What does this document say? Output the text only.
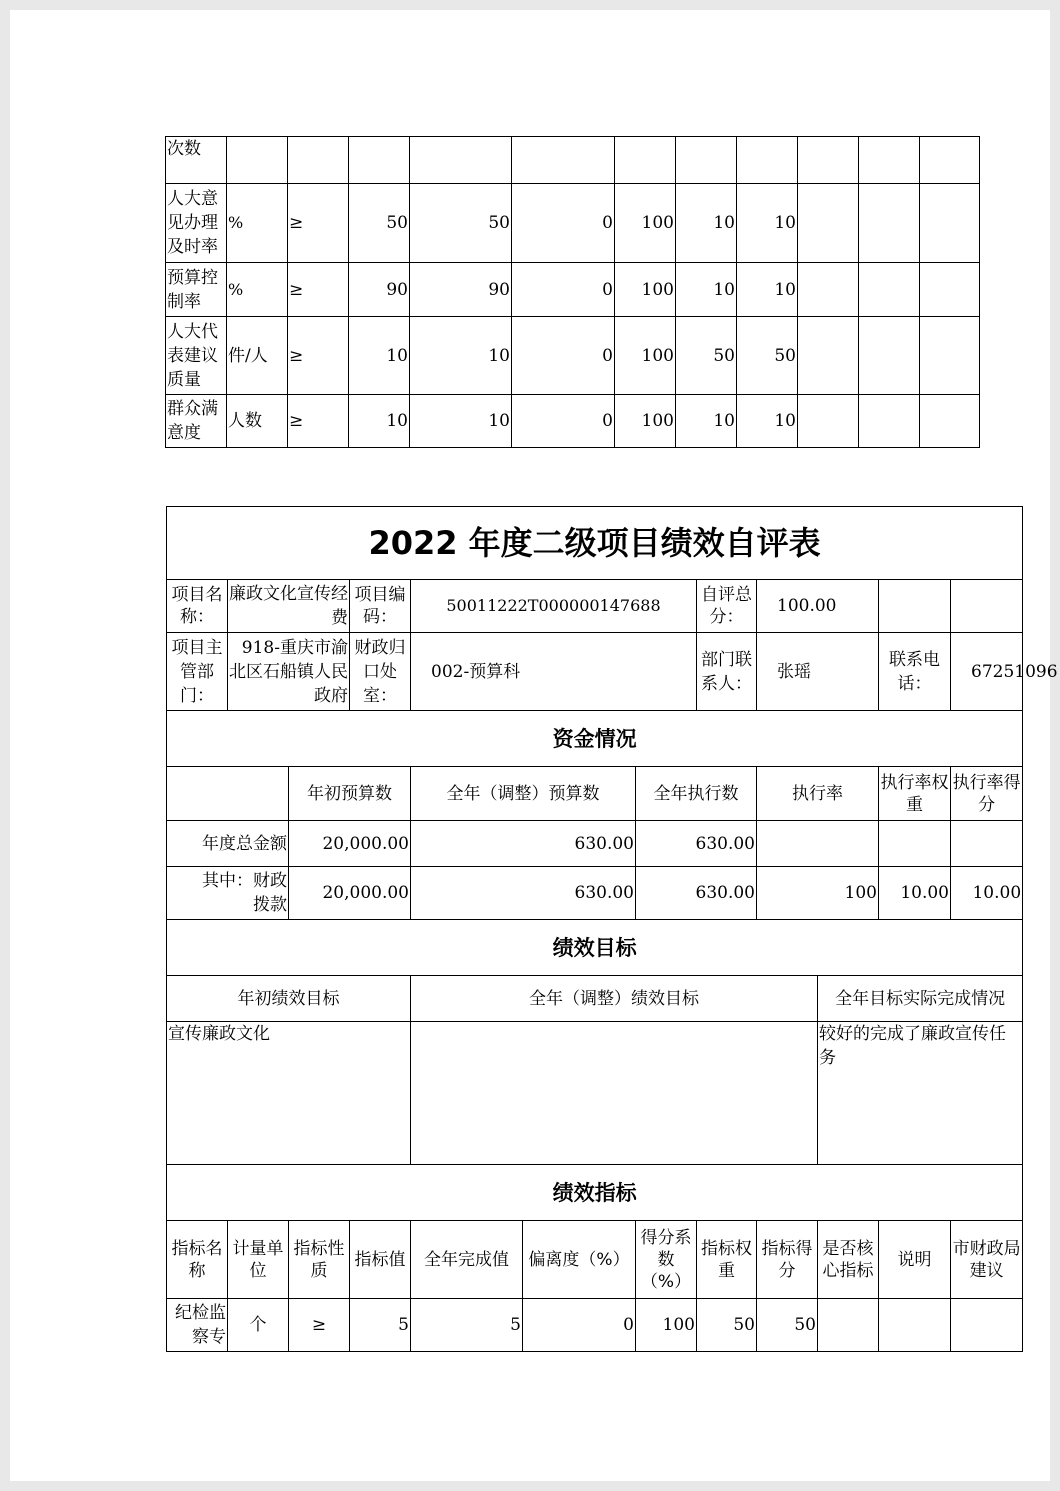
次数											
人大意见办理及时率	%	≥	50	50	0	100	10	10			
预算控制率	%	≥	90	90	0	100	10	10			
人大代表建议质量	件/人	≥	10	10	0	100	50	50			
群众满意度	人数	≥	10	10	0	100	10	10			
2022 年度二级项目绩效自评表											
项目名称：	廉政文化宣传经费		项目编码：	50011222T000000147688			自评总分：	100.00			
项目主管部门：	918-重庆市渝北区石船镇人民政府		财政归口处室：	002-预算科			部门联系人：	张瑶		联系电话：	67251096
资金情况											
		年初预算数		全年（调整）预算数		全年执行数		执行率		执行率权重	执行率得分
年度总金额		20,000.00		630.00		630.00					
其中：财政拨款		20,000.00		630.00		630.00		100		10.00	10.00
绩效目标											
年初绩效目标				全年（调整）绩效目标					全年目标实际完成情况		
宣传廉政文化									较好的完成了廉政宣传任务		
绩效指标											
指标名称	计量单位	指标性质	指标值	全年完成值	偏离度（%）	得分系数（%）	指标权重	指标得分	是否核心指标	说明	市财政局建议
纪检监察专	个	≥	5	5	0	100	50	50			
